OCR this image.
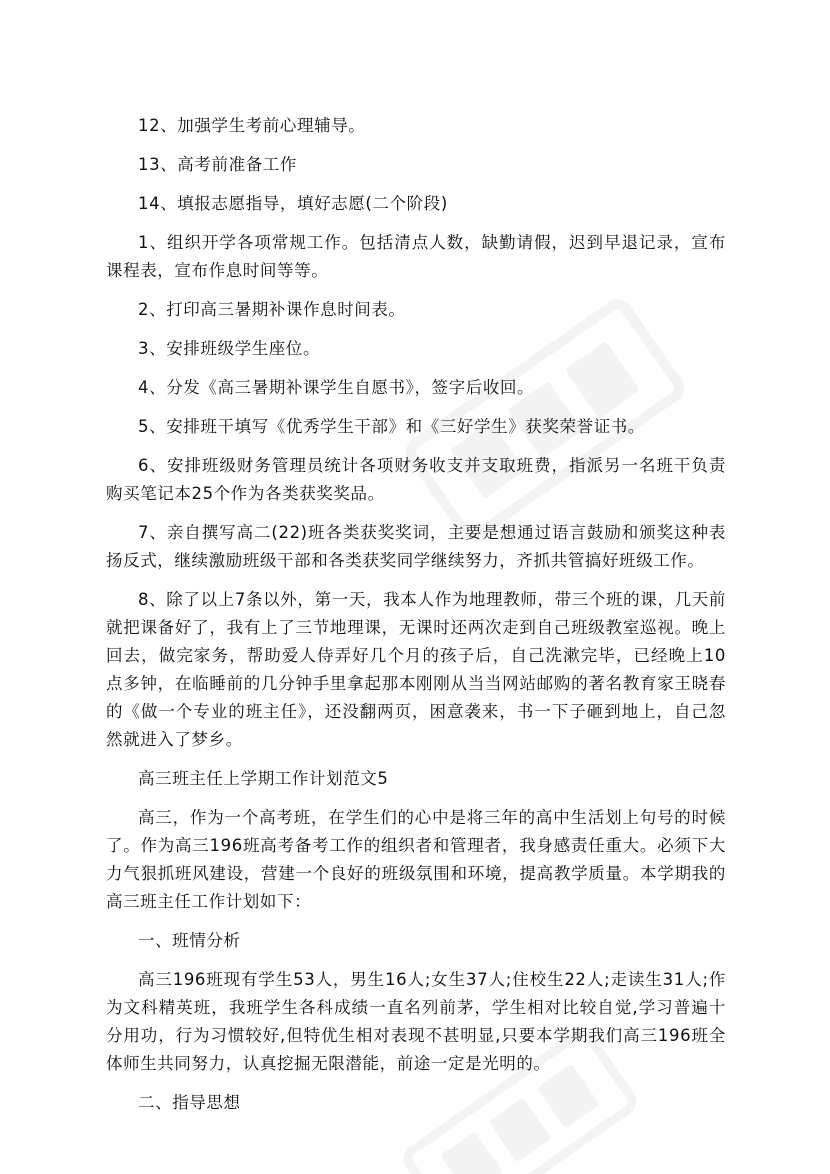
12、加强学生考前心理辅导。

13、高考前准备工作

14、填报志愿指导，填好志愿(二个阶段)

1、组织开学各项常规工作。包括清点人数，缺勤请假，迟到早退记录，宣布课程表，宣布作息时间等等。

2、打印高三暑期补课作息时间表。

3、安排班级学生座位。

4、分发《高三暑期补课学生自愿书》，签字后收回。

5、安排班干填写《优秀学生干部》和《三好学生》获奖荣誉证书。

6、安排班级财务管理员统计各项财务收支并支取班费，指派另一名班干负责购买笔记本25个作为各类获奖奖品。

7、亲自撰写高二(22)班各类获奖奖词，主要是想通过语言鼓励和颁奖这种表扬反式，继续激励班级干部和各类获奖同学继续努力，齐抓共管搞好班级工作。

8、除了以上7条以外，第一天，我本人作为地理教师，带三个班的课，几天前就把课备好了，我有上了三节地理课，无课时还两次走到自己班级教室巡视。晚上回去，做完家务，帮助爱人侍弄好几个月的孩子后，自己洗漱完毕，已经晚上10点多钟，在临睡前的几分钟手里拿起那本刚刚从当当网站邮购的著名教育家王晓春的《做一个专业的班主任》，还没翻两页，困意袭来，书一下子砸到地上，自己忽然就进入了梦乡。

高三班主任上学期工作计划范文5

高三，作为一个高考班，在学生们的心中是将三年的高中生活划上句号的时候了。作为高三196班高考备考工作的组织者和管理者，我身感责任重大。必须下大力气狠抓班风建设，营建一个良好的班级氛围和环境，提高教学质量。本学期我的高三班主任工作计划如下：

一、班情分析

高三196班现有学生53人，男生16人;女生37人;住校生22人;走读生31人;作为文科精英班，我班学生各科成绩一直名列前茅，学生相对比较自觉,学习普遍十分用功，行为习惯较好,但特优生相对表现不甚明显,只要本学期我们高三196班全体师生共同努力，认真挖掘无限潜能，前途一定是光明的。

二、指导思想
